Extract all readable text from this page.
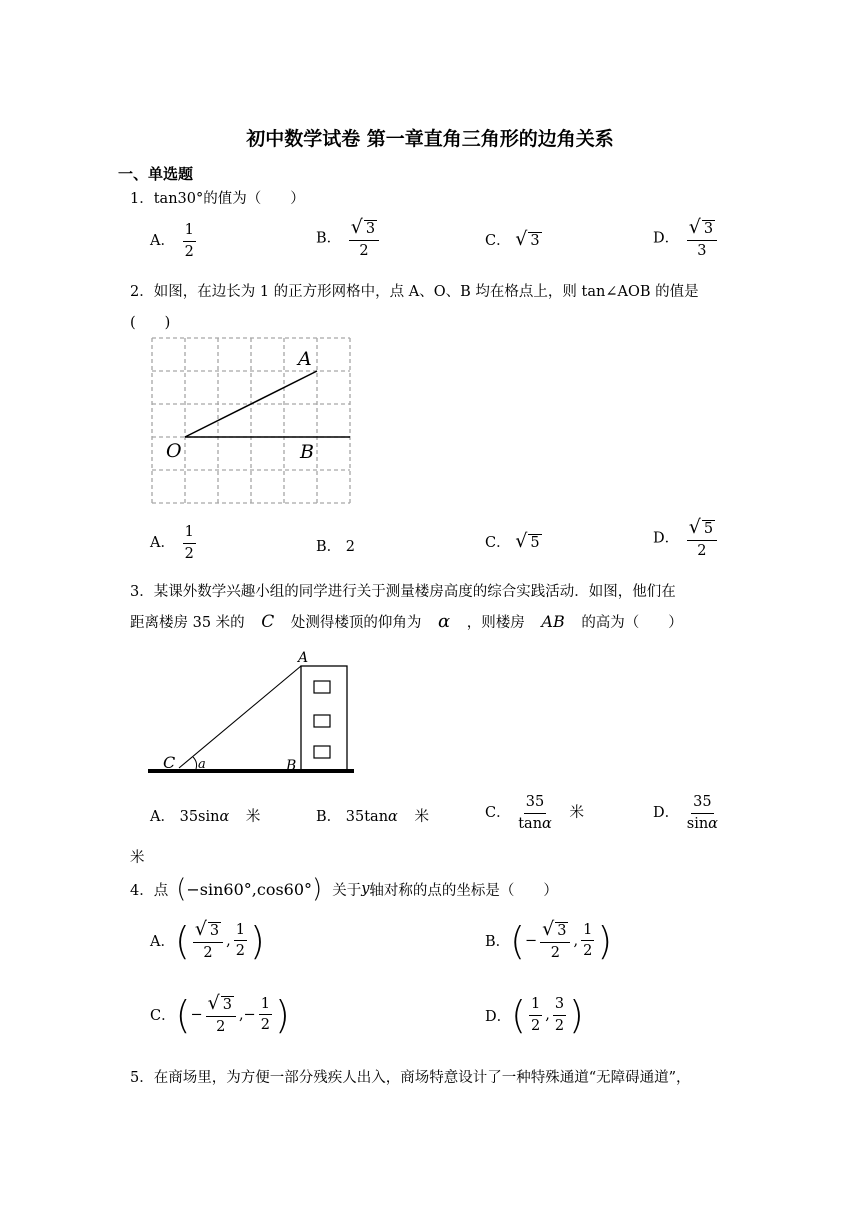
初中数学试卷 第一章直角三角形的边角关系
一、单选题
1．tan30°的值为（　　）
A． $\frac{1}{2}$	B． $\frac{√ 3}{2}$	C． √ 3	D． $\frac{√ 3}{3}$
2．如图，在边长为 1 的正方形网格中，点 A、O、B 均在格点上，则 tan∠AOB 的值是
(　　)
A
O	B
A． $\frac{1}{2}$	B． 2	C． √ 5	D． $\frac{√ 5}{2}$
3．某课外数学兴趣小组的同学进行关于测量楼房高度的综合实践活动．如图，他们在
距离楼房 35 米的 C 处测得楼顶的仰角为 α ，则楼房 AB 的高为（　　）
A
B
C a
A． 35sinα 米	B． 35tanα 米	C． $\frac{35}{\tan\alpha}$ 米	D． $\frac{35}{\sin\alpha}$
米
4．点 ( −sin60°,cos60° ) 关于 y 轴对称的点的坐标是（　　）
A． ( $\frac{√ 3}{2}$ , $\frac{1}{2}$ )	B． ( − $\frac{√ 3}{2}$ , $\frac{1}{2}$ )
C． ( − $\frac{√ 3}{2}$ , − $\frac{1}{2}$ )	D． ( $\frac{1}{2}$ , $\frac{3}{2}$ )
5．在商场里，为方便一部分残疾人出入，商场特意设计了一种特殊通道“无障碍通道”，
